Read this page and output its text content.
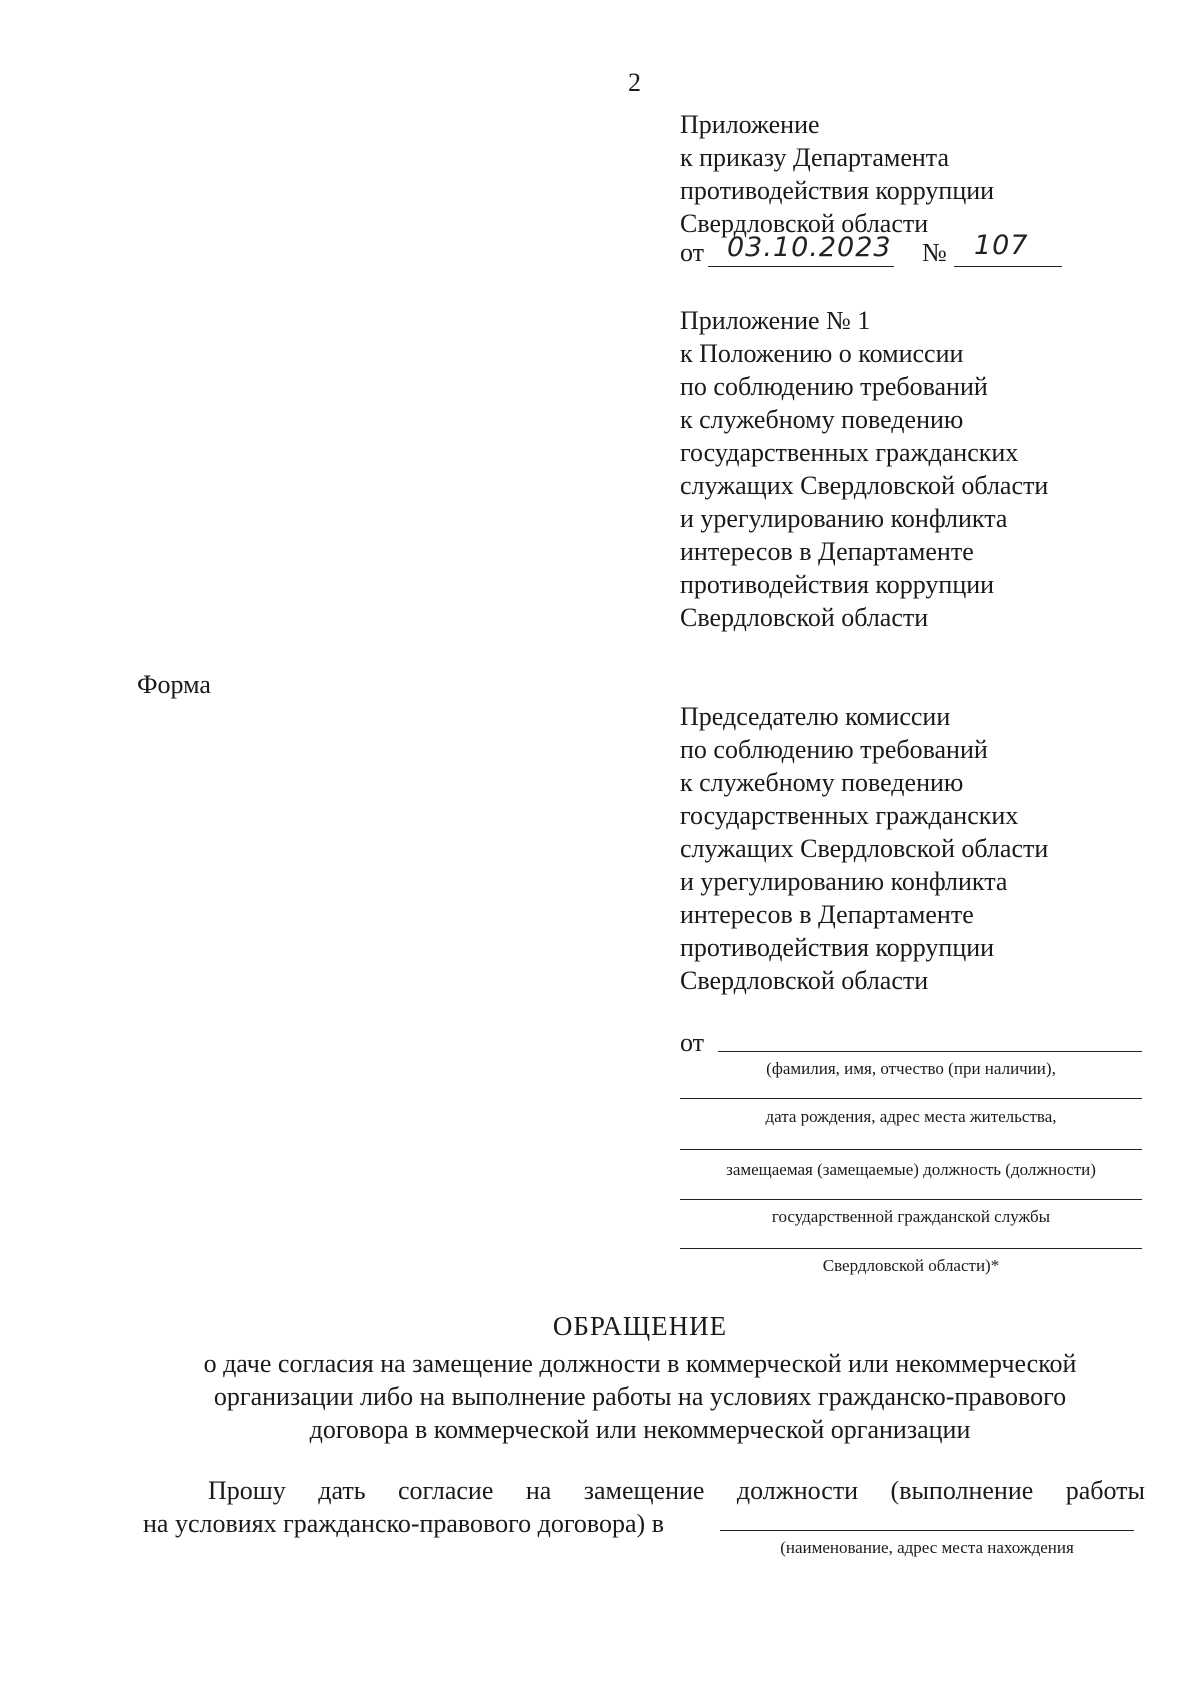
2
Приложение
к приказу Департамента
противодействия коррупции
Свердловской области
от 03.10.2023 № 107
Приложение № 1
к Положению о комиссии
по соблюдению требований
к служебному поведению
государственных гражданских
служащих Свердловской области
и урегулированию конфликта
интересов в Департаменте
противодействия коррупции
Свердловской области
Форма
Председателю комиссии
по соблюдению требований
к служебному поведению
государственных гражданских
служащих Свердловской области
и урегулированию конфликта
интересов в Департаменте
противодействия коррупции
Свердловской области
от
(фамилия, имя, отчество (при наличии),
дата рождения, адрес места жительства,
замещаемая (замещаемые) должность (должности)
государственной гражданской службы
Свердловской области)*
ОБРАЩЕНИЕ
о даче согласия на замещение должности в коммерческой или некоммерческой
организации либо на выполнение работы на условиях гражданско-правового
договора в коммерческой или некоммерческой организации
Прошу дать согласие на замещение должности (выполнение работы
на условиях гражданско-правового договора) в
(наименование, адрес места нахождения
